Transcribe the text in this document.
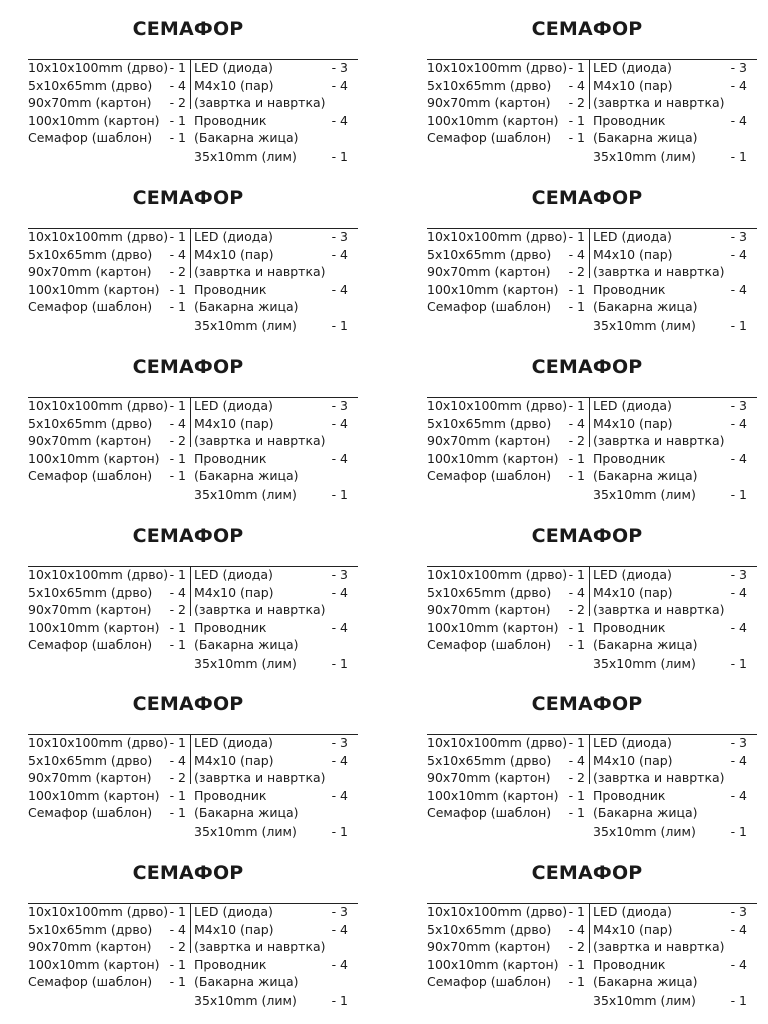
СЕМАФОР
10x10x100mm (дрво) - 1
5x10x65mm (дрво) - 4
90x70mm (картон) - 2
100x10mm (картон) - 1
Семафор (шаблон) - 1
LED (диода)	- 3
M4x10 (пар)	- 4
(завртка и навртка)
Проводник	- 4
(Бакарна жица)
35x10mm (лим)	- 1
СЕМАФОР
10x10x100mm (дрво) - 1
5x10x65mm (дрво) - 4
90x70mm (картон) - 2
100x10mm (картон) - 1
Семафор (шаблон) - 1
LED (диода)	- 3
M4x10 (пар)	- 4
(завртка и навртка)
Проводник	- 4
(Бакарна жица)
35x10mm (лим)	- 1
СЕМАФОР
10x10x100mm (дрво) - 1
5x10x65mm (дрво) - 4
90x70mm (картон) - 2
100x10mm (картон) - 1
Семафор (шаблон) - 1
LED (диода)	- 3
M4x10 (пар)	- 4
(завртка и навртка)
Проводник	- 4
(Бакарна жица)
35x10mm (лим)	- 1
СЕМАФОР
10x10x100mm (дрво) - 1
5x10x65mm (дрво) - 4
90x70mm (картон) - 2
100x10mm (картон) - 1
Семафор (шаблон) - 1
LED (диода)	- 3
M4x10 (пар)	- 4
(завртка и навртка)
Проводник	- 4
(Бакарна жица)
35x10mm (лим)	- 1
СЕМАФОР
10x10x100mm (дрво) - 1
5x10x65mm (дрво) - 4
90x70mm (картон) - 2
100x10mm (картон) - 1
Семафор (шаблон) - 1
LED (диода)	- 3
M4x10 (пар)	- 4
(завртка и навртка)
Проводник	- 4
(Бакарна жица)
35x10mm (лим)	- 1
СЕМАФОР
10x10x100mm (дрво) - 1
5x10x65mm (дрво) - 4
90x70mm (картон) - 2
100x10mm (картон) - 1
Семафор (шаблон) - 1
LED (диода)	- 3
M4x10 (пар)	- 4
(завртка и навртка)
Проводник	- 4
(Бакарна жица)
35x10mm (лим)	- 1
СЕМАФОР
10x10x100mm (дрво) - 1
5x10x65mm (дрво) - 4
90x70mm (картон) - 2
100x10mm (картон) - 1
Семафор (шаблон) - 1
LED (диода)	- 3
M4x10 (пар)	- 4
(завртка и навртка)
Проводник	- 4
(Бакарна жица)
35x10mm (лим)	- 1
СЕМАФОР
10x10x100mm (дрво) - 1
5x10x65mm (дрво) - 4
90x70mm (картон) - 2
100x10mm (картон) - 1
Семафор (шаблон) - 1
LED (диода)	- 3
M4x10 (пар)	- 4
(завртка и навртка)
Проводник	- 4
(Бакарна жица)
35x10mm (лим)	- 1
СЕМАФОР
10x10x100mm (дрво) - 1
5x10x65mm (дрво) - 4
90x70mm (картон) - 2
100x10mm (картон) - 1
Семафор (шаблон) - 1
LED (диода)	- 3
M4x10 (пар)	- 4
(завртка и навртка)
Проводник	- 4
(Бакарна жица)
35x10mm (лим)	- 1
СЕМАФОР
10x10x100mm (дрво) - 1
5x10x65mm (дрво) - 4
90x70mm (картон) - 2
100x10mm (картон) - 1
Семафор (шаблон) - 1
LED (диода)	- 3
M4x10 (пар)	- 4
(завртка и навртка)
Проводник	- 4
(Бакарна жица)
35x10mm (лим)	- 1
СЕМАФОР
10x10x100mm (дрво) - 1
5x10x65mm (дрво) - 4
90x70mm (картон) - 2
100x10mm (картон) - 1
Семафор (шаблон) - 1
LED (диода)	- 3
M4x10 (пар)	- 4
(завртка и навртка)
Проводник	- 4
(Бакарна жица)
35x10mm (лим)	- 1
СЕМАФОР
10x10x100mm (дрво) - 1
5x10x65mm (дрво) - 4
90x70mm (картон) - 2
100x10mm (картон) - 1
Семафор (шаблон) - 1
LED (диода)	- 3
M4x10 (пар)	- 4
(завртка и навртка)
Проводник	- 4
(Бакарна жица)
35x10mm (лим)	- 1
